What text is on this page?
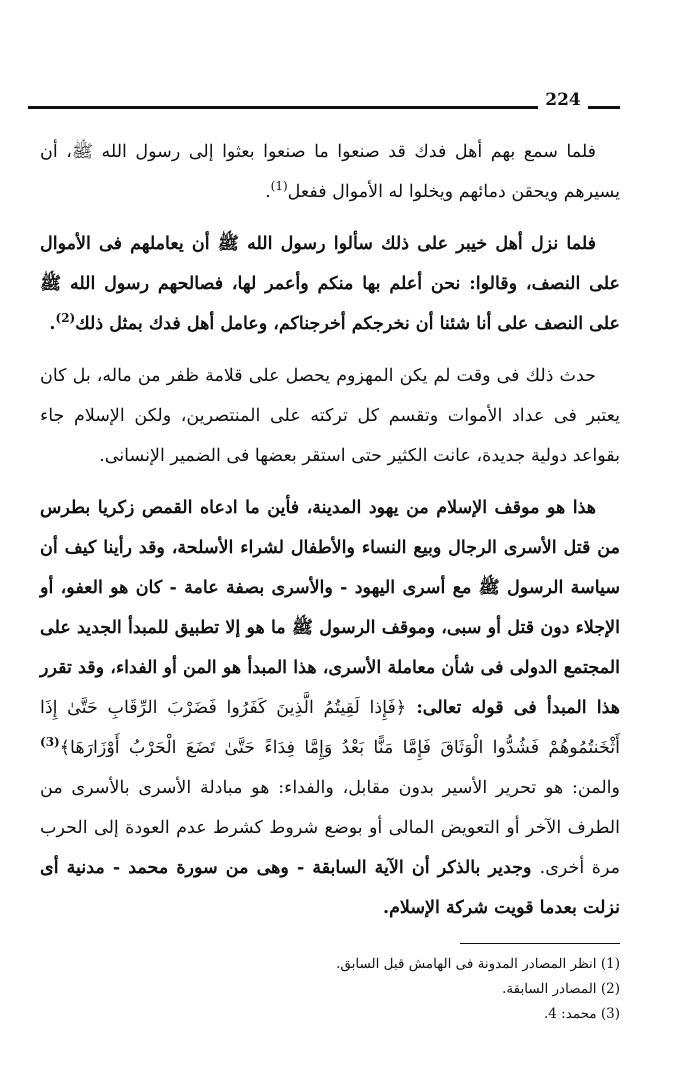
224

فلما سمع بهم أهل فدك قد صنعوا ما صنعوا بعثوا إلى رسول الله ﷺ، أن يسيرهم ويحقن دمائهم ويخلوا له الأموال ففعل$^{(1)}$.

فلما نزل أهل خيبر على ذلك سألوا رسول الله ﷺ أن يعاملهم فى الأموال على النصف، وقالوا: نحن أعلم بها منكم وأعمر لها، فصالحهم رسول الله ﷺ على النصف على أنا شئنا أن نخرجكم أخرجناكم، وعامل أهل فدك بمثل ذلك$^{(2)}$.

حدث ذلك فى وقت لم يكن المهزوم يحصل على قلامة ظفر من ماله، بل كان يعتبر فى عداد الأموات وتقسم كل تركته على المنتصرين، ولكن الإسلام جاء بقواعد دولية جديدة، عانت الكثير حتى استقر بعضها فى الضمير الإنسانى.

هذا هو موقف الإسلام من يهود المدينة، فأين ما ادعاه القمص زكريا بطرس من قتل الأسرى الرجال وبيع النساء والأطفال لشراء الأسلحة، وقد رأينا كيف أن سياسة الرسول ﷺ مع أسرى اليهود - والأسرى بصفة عامة - كان هو العفو، أو الإجلاء دون قتل أو سبى، وموقف الرسول ﷺ ما هو إلا تطبيق للمبدأ الجديد على المجتمع الدولى فى شأن معاملة الأسرى، هذا المبدأ هو المن أو الفداء، وقد تقرر هذا المبدأ فى قوله تعالى: ﴿فَإِذا لَقِيتُمُ الَّذِينَ كَفَرُوا فَضَرْبَ الرِّقَابِ حَتَّىٰ إِذَا أَثْخَنتُمُوهُمْ فَشُدُّوا الْوَثَاقَ فَإِمَّا مَنًّا بَعْدُ وَإِمَّا فِدَاءً حَتَّىٰ تَضَعَ الْحَرْبُ أَوْزَارَهَا﴾$^{(3)}$ والمن: هو تحرير الأسير بدون مقابل، والفداء: هو مبادلة الأسرى بالأسرى من الطرف الآخر أو التعويض المالى أو بوضع شروط كشرط عدم العودة إلى الحرب مرة أخرى. وجدير بالذكر أن الآية السابقة - وهى من سورة محمد - مدنية أى نزلت بعدما قويت شركة الإسلام.

(1) انظر المصادر المدونة فى الهامش قبل السابق.

(2) المصادر السابقة.

(3) محمد: 4.
